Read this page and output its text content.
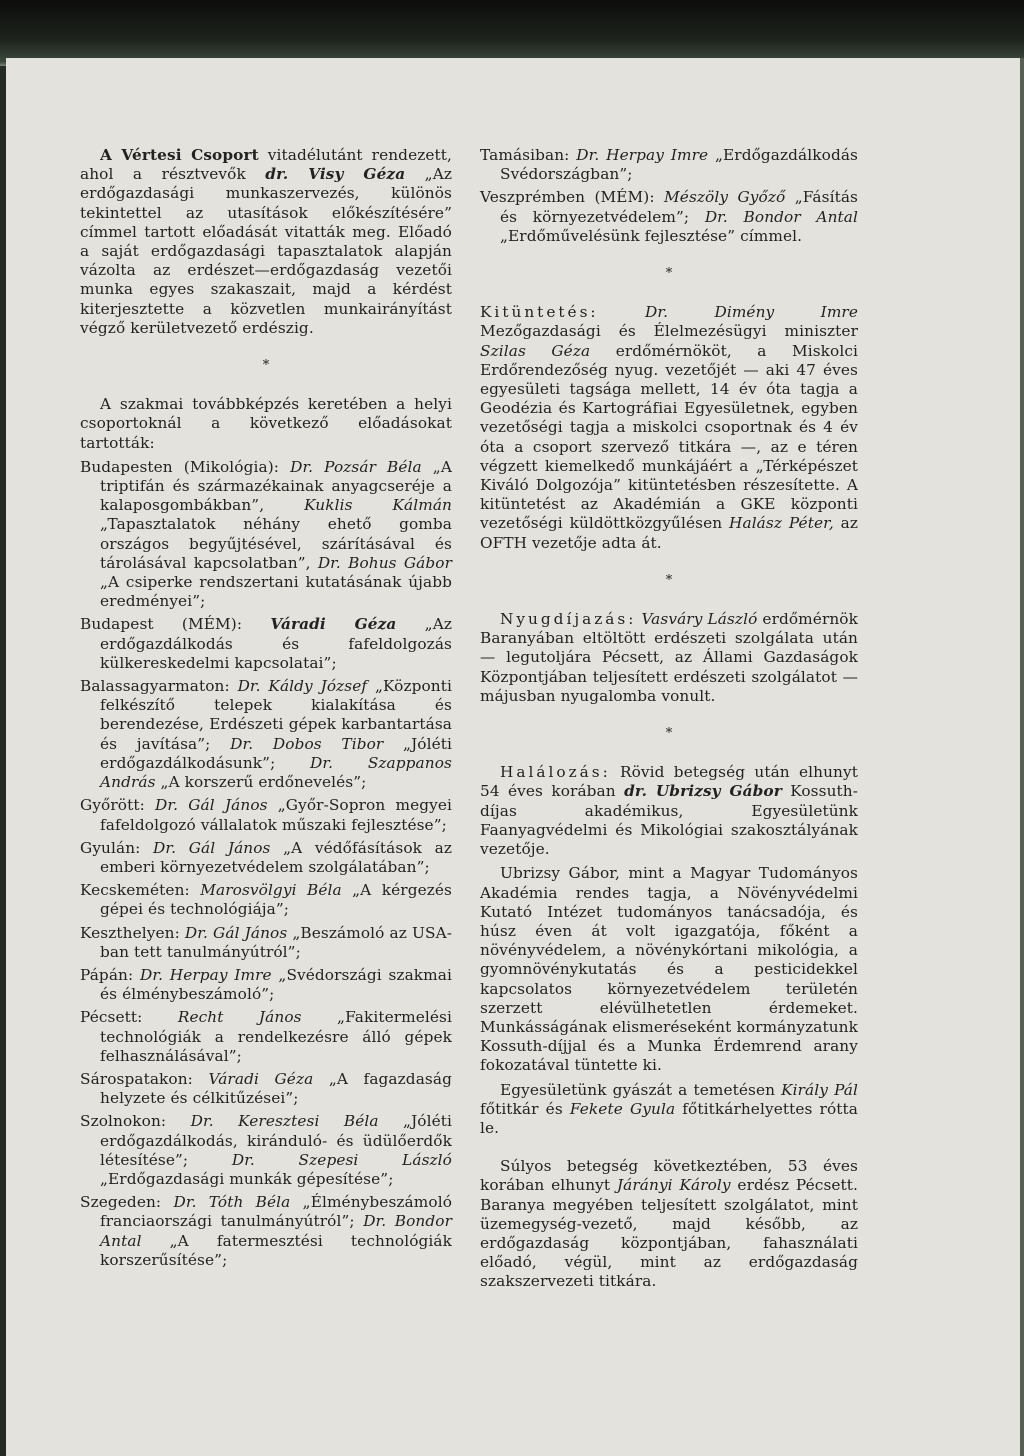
A Vértesi Csoport vitadélutánt rendezett, ahol a résztvevők dr. Visy Géza „Az erdőgazdasági munkaszervezés, különös tekintettel az utasítások előkészítésére” címmel tartott előadását vitatták meg. Előadó a saját erdőgazdasági tapasztalatok alapján vázolta az erdészet—erdőgazdaság vezetői munka egyes szakaszait, majd a kérdést kiterjesztette a közvetlen munkairányítást végző kerületvezető erdészig.

*

A szakmai továbbképzés keretében a helyi csoportoknál a következő előadásokat tartották:

Budapesten (Mikológia): Dr. Pozsár Béla „A triptifán és származékainak anyagcseréje a kalaposgombákban”, Kuklis Kálmán „Tapasztalatok néhány ehető gomba országos begyűjtésével, szárításával és tárolásával kapcsolatban”, Dr. Bohus Gábor „A csiperke rendszertani kutatásának újabb eredményei”;

Budapest (MÉM): Váradi Géza „Az erdőgazdálkodás és fafeldolgozás külkereskedelmi kapcsolatai”;

Balassagyarmaton: Dr. Káldy József „Központi felkészítő telepek kialakítása és berendezése, Erdészeti gépek karbantartása és javítása”; Dr. Dobos Tibor „Jóléti erdőgazdálkodásunk”; Dr. Szappanos András „A korszerű erdőnevelés”;

Győrött: Dr. Gál János „Győr-Sopron megyei fafeldolgozó vállalatok műszaki fejlesztése”;

Gyulán: Dr. Gál János „A védőfásítások az emberi környezetvédelem szolgálatában”;

Kecskeméten: Marosvölgyi Béla „A kérgezés gépei és technológiája”;

Keszthelyen: Dr. Gál János „Beszámoló az USA-ban tett tanulmányútról”;

Pápán: Dr. Herpay Imre „Svédországi szakmai és élménybeszámoló”;

Pécsett: Recht János „Fakitermelési technológiák a rendelkezésre álló gépek felhasználásával”;

Sárospatakon: Váradi Géza „A fagazdaság helyzete és célkitűzései”;

Szolnokon: Dr. Keresztesi Béla „Jóléti erdőgazdálkodás, kiránduló- és üdülőerdők létesítése”; Dr. Szepesi László „Erdőgazdasági munkák gépesítése”;

Szegeden: Dr. Tóth Béla „Élménybeszámoló franciaországi tanulmányútról”; Dr. Bondor Antal „A fatermesztési technológiák korszerűsítése”;

Tamásiban: Dr. Herpay Imre „Erdőgazdálkodás Svédországban”;

Veszprémben (MÉM): Mészöly Győző „Fásítás és környezetvédelem”; Dr. Bondor Antal „Erdőművelésünk fejlesztése” címmel.

*

Kitüntetés:	Dr. Dimény Imre Mezőgazdasági és Élelmezésügyi miniszter Szilas Géza erdőmérnököt, a Miskolci Erdőrendezőség nyug. vezetőjét — aki 47 éves egyesületi tagsága mellett, 14 év óta tagja a Geodézia és Kartográfiai Egyesületnek, egyben vezetőségi tagja a miskolci csoportnak és 4 év óta a csoport szervező titkára —, az e téren végzett kiemelkedő munkájáért a „Térképészet Kiváló Dolgozója” kitüntetésben részesítette. A kitüntetést az Akadémián a GKE központi vezetőségi küldöttközgyűlésen Halász Péter, az OFTH vezetője adta át.

*

Nyugdíjazás: Vasváry László erdőmérnök Baranyában eltöltött erdészeti szolgálata után — legutoljára Pécsett, az Állami Gazdaságok Központjában teljesített erdészeti szolgálatot — májusban nyugalomba vonult.

*

Halálozás: Rövid betegség után elhunyt 54 éves korában dr. Ubrizsy Gábor Kossuth-díjas akadémikus, Egyesületünk Faanyagvédelmi és Mikológiai szakosztályának vezetője.

Ubrizsy Gábor, mint a Magyar Tudományos Akadémia rendes tagja, a Növényvédelmi Kutató Intézet tudományos tanácsadója, és húsz éven át volt igazgatója, főként a növényvédelem, a növénykórtani mikológia, a gyomnövénykutatás és a pesticidekkel kapcsolatos környezetvédelem területén szerzett elévülhetetlen érdemeket. Munkásságának elismeréseként kormányzatunk Kossuth-díjjal és a Munka Érdemrend arany fokozatával tüntette ki.

Egyesületünk gyászát a temetésen Király Pál főtitkár és Fekete Gyula főtitkárhelyettes rótta le.

Súlyos betegség következtében, 53 éves korában elhunyt Járányi Károly erdész Pécsett. Baranya megyében teljesített szolgálatot, mint üzemegység-vezető, majd később, az erdőgazdaság központjában, fahasználati előadó, végül, mint az erdőgazdaság szakszervezeti titkára.
